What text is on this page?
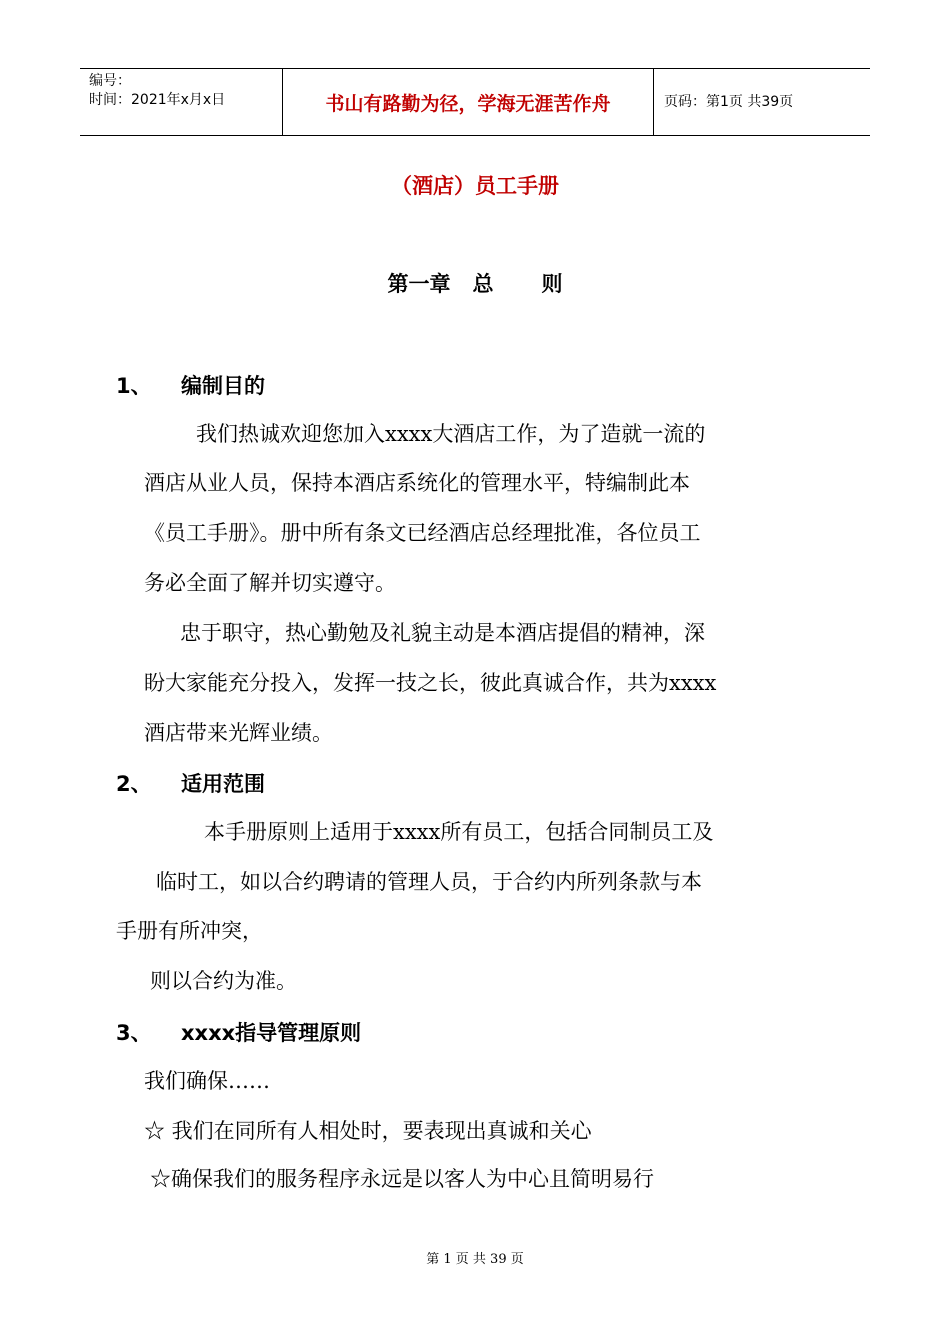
编号：
时间：2021年x月x日	书山有路勤为径，学海无涯苦作舟	页码：第1页 共39页
（酒店）员工手册
第一章 总 则
1、 编制目的
我们热诚欢迎您加入xxxx大酒店工作，为了造就一流的
酒店从业人员，保持本酒店系统化的管理水平，特编制此本
《员工手册》。册中所有条文已经酒店总经理批准，各位员工
务必全面了解并切实遵守。
忠于职守，热心勤勉及礼貌主动是本酒店提倡的精神，深
盼大家能充分投入，发挥一技之长，彼此真诚合作，共为xxxx
酒店带来光辉业绩。
2、 适用范围
本手册原则上适用于xxxx所有员工，包括合同制员工及
临时工，如以合约聘请的管理人员，于合约内所列条款与本
手册有所冲突，
则以合约为准。
3、 xxxx指导管理原则
我们确保……
☆ 我们在同所有人相处时，要表现出真诚和关心
☆确保我们的服务程序永远是以客人为中心且简明易行
第 1 页 共 39 页
